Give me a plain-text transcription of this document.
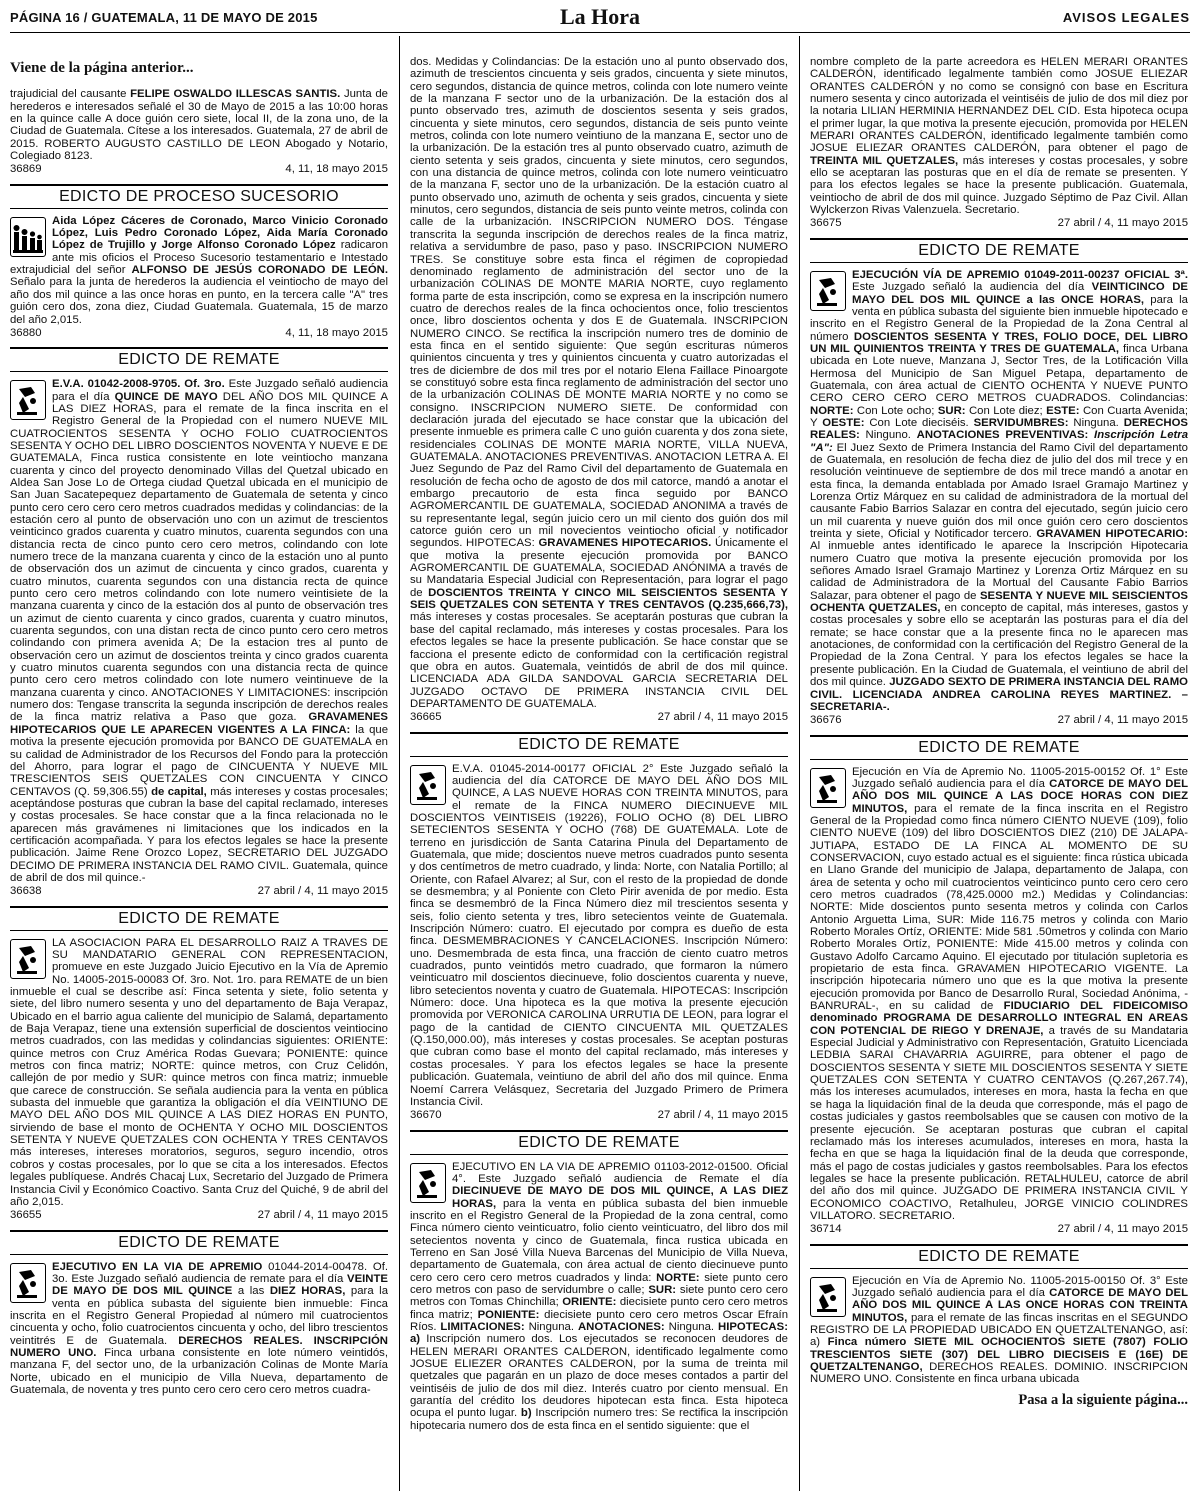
PÁGINA 16 / GUATEMALA, 11 DE MAYO DE 2015	La Hora	AVISOS LEGALES
Viene de la página anterior...

trajudicial del causante FELIPE OSWALDO ILLESCAS SANTIS. Junta de herederos e interesados señalé el 30 de Mayo de 2015 a las 10:00 horas en la quince calle A doce guión cero siete, local II, de la zona uno, de la Ciudad de Guatemala. Cítese a los interesados. Guatemala, 27 de abril de 2015. ROBERTO AUGUSTO CASTILLO DE LEON Abogado y Notario, Colegiado 8123.

36869	4, 11, 18 mayo 2015
EDICTO DE PROCESO SUCESORIO

Aida López Cáceres de Coronado, Marco Vinicio Coronado López, Luis Pedro Coronado López, Aida María Coronado López de Trujillo y Jorge Alfonso Coronado López radicaron ante mis oficios el Proceso Sucesorio testamentario e Intestado extrajudicial del señor ALFONSO DE JESÚS CORONADO DE LEÓN. Señalo para la junta de herederos la audiencia el veintiocho de mayo del año dos mil quince a las once horas en punto, en la tercera calle "A" tres guión cero dos, zona diez, Ciudad Guatemala. Guatemala, 15 de marzo del año 2,015.

36880	4, 11, 18 mayo 2015
EDICTO DE REMATE

E.V.A. 01042-2008-9705. Of. 3ro. Este Juzgado señaló audiencia para el día QUINCE DE MAYO DEL AÑO DOS MIL QUINCE A LAS DIEZ HORAS, para el remate de la finca inscrita en el Registro General de la Propiedad con el numero NUEVE MIL CUATROCIENTOS SESENTA Y OCHO FOLIO CUATROCIENTOS SESENTA Y OCHO DEL LIBRO DOSCIENTOS NOVENTA Y NUEVE E DE GUATEMALA, Finca rustica consistente en lote veintiocho manzana cuarenta y cinco del proyecto denominado Villas del Quetzal ubicado en Aldea San Jose Lo de Ortega ciudad Quetzal ubicada en el municipio de San Juan Sacatepequez departamento de Guatemala de setenta y cinco punto cero cero cero cero metros cuadrados medidas y colindancias: de la estación cero al punto de observación uno con un azimut de trescientos veinticinco grados cuarenta y cuatro minutos, cuarenta segundos con una distancia recta de cinco punto cero cero metros, colindando con lote numero trece de la manzana cuarenta y cinco de la estación uno al punto de observación dos un azimut de cincuenta y cinco grados, cuarenta y cuatro minutos, cuarenta segundos con una distancia recta de quince punto cero cero metros colindando con lote numero veintisiete de la manzana cuarenta y cinco de la estación dos al punto de observación tres un azimut de ciento cuarenta y cinco grados, cuarenta y cuatro minutos, cuarenta segundos, con una distan recta de cinco punto cero cero metros colindando con primera avenida A; De la estacion tres al punto de observación cero un azimut de doscientos treinta y cinco grados cuarenta y cuatro minutos cuarenta segundos con una distancia recta de quince punto cero cero metros colindado con lote numero veintinueve de la manzana cuarenta y cinco. ANOTACIONES Y LIMITACIONES: inscripción numero dos: Tengase transcrita la segunda inscripción de derechos reales de la finca matriz relativa a Paso que goza. GRAVAMENES HIPOTECARIOS QUE LE APARECEN VIGENTES A LA FINCA: la que motiva la presente ejecución promovida por BANCO DE GUATEMALA en su calidad de Administrador de los Recursos del Fondo para la protección del Ahorro, para lograr el pago de CINCUENTA Y NUEVE MIL TRESCIENTOS SEIS QUETZALES CON CINCUENTA Y CINCO CENTAVOS (Q. 59,306.55) de capital, más intereses y costas procesales; aceptándose posturas que cubran la base del capital reclamado, intereses y costas procesales. Se hace constar que a la finca relacionada no le aparecen más gravámenes ni limitaciones que los indicados en la certificación acompañada. Y para los efectos legales se hace la presente publicación. Jaime Rene Orozco Lopez, SECRETARIO DEL JUZGADO DECIMO DE PRIMERA INSTANCIA DEL RAMO CIVIL. Guatemala, quince de abril de dos mil quince.-

36638	27 abril / 4, 11 mayo 2015
EDICTO DE REMATE

LA ASOCIACION PARA EL DESARROLLO RAIZ A TRAVES DE SU MANDATARIO GENERAL CON REPRESENTACION, promueve en este Juzgado Juicio Ejecutivo en la Vía de Apremio No. 14005-2015-00083 Of. 3ro. Not. 1ro. para REMATE de un bien inmueble el cual se describe así: Finca setenta y siete, folio setenta y siete, del libro numero sesenta y uno del departamento de Baja Verapaz, Ubicado en el barrio agua caliente del municipio de Salamá, departamento de Baja Verapaz, tiene una extensión superficial de doscientos veintiocino metros cuadrados, con las medidas y colindancias siguientes: ORIENTE: quince metros con Cruz América Rodas Guevara; PONIENTE: quince metros con finca matriz; NORTE: quince metros, con Cruz Celidón, callejón de por medio y SUR: quince metros con finca matriz; inmueble que carece de construcción. Se señala audiencia para la venta en pública subasta del inmueble que garantiza la obligación el día VEINTIUNO DE MAYO DEL AÑO DOS MIL QUINCE A LAS DIEZ HORAS EN PUNTO, sirviendo de base el monto de OCHENTA Y OCHO MIL DOSCIENTOS SETENTA Y NUEVE QUETZALES CON OCHENTA Y TRES CENTAVOS más intereses, intereses moratorios, seguros, seguro incendio, otros cobros y costas procesales, por lo que se cita a los interesados. Efectos legales publíquese. Andrés Chacaj Lux, Secretario del Juzgado de Primera Instancia Civil y Económico Coactivo. Santa Cruz del Quiché, 9 de abril del año 2,015.

36655	27 abril / 4, 11 mayo 2015
EDICTO DE REMATE

EJECUTIVO EN LA VIA DE APREMIO 01044-2014-00478. Of. 3o. Este Juzgado señaló audiencia de remate para el día VEINTE DE MAYO DE DOS MIL QUINCE a las DIEZ HORAS, para la venta en pública subasta del siguiente bien inmueble: Finca inscrita en el Registro General Propiedad al número mil cuatrocientos cincuenta y ocho, folio cuatrocientos cincuenta y ocho, del libro trescientos veintitrés E de Guatemala. DERECHOS REALES. INSCRIPCIÓN NUMERO UNO. Finca urbana consistente en lote número veintidós, manzana F, del sector uno, de la urbanización Colinas de Monte María Norte, ubicado en el municipio de Villa Nueva, departamento de Guatemala, de noventa y tres punto cero cero cero cero metros cuadra-

dos. Medidas y Colindancias: De la estación uno al punto observado dos, azimuth de trescientos cincuenta y seis grados, cincuenta y siete minutos, cero segundos, distancia de quince metros, colinda con lote numero veinte de la manzana F sector uno de la urbanización. De la estación dos al punto observado tres, azimuth de doscientos sesenta y seis grados, cincuenta y siete minutos, cero segundos, distancia de seis punto veinte metros, colinda con lote numero veintiuno de la manzana E, sector uno de la urbanización. De la estación tres al punto observado cuatro, azimuth de ciento setenta y seis grados, cincuenta y siete minutos, cero segundos, con una distancia de quince metros, colinda con lote numero veinticuatro de la manzana F, sector uno de la urbanización. De la estación cuatro al punto observado uno, azimuth de ochenta y seis grados, cincuenta y siete minutos, cero segundos, distancia de seis punto veinte metros, colinda con calle de la urbanización. INSCRIPCION NUMERO DOS. Téngase transcrita la segunda inscripción de derechos reales de la finca matriz, relativa a servidumbre de paso, paso y paso. INSCRIPCION NUMERO TRES. Se constituye sobre esta finca el régimen de copropiedad denominado reglamento de administración del sector uno de la urbanización COLINAS DE MONTE MARIA NORTE, cuyo reglamento forma parte de esta inscripción, como se expresa en la inscripción numero cuatro de derechos reales de la finca ochocientos once, folio trescientos once, libro doscientos ochenta y dos E de Guatemala. INSCRIPCION NUMERO CINCO. Se rectifica la inscripción numero tres de dominio de esta finca en el sentido siguiente: Que según escrituras números quinientos cincuenta y tres y quinientos cincuenta y cuatro autorizadas el tres de diciembre de dos mil tres por el notario Elena Faillace Pinoargote se constituyó sobre esta finca reglamento de administración del sector uno de la urbanización COLINAS DE MONTE MARIA NORTE y no como se consigno. INSCRIPCION NUMERO SIETE. De conformidad con declaración jurada del ejecutado se hace constar que la ubicación del presente inmueble es primera calle C uno guión cuarenta y dos zona siete, residenciales COLINAS DE MONTE MARIA NORTE, VILLA NUEVA, GUATEMALA. ANOTACIONES PREVENTIVAS. ANOTACION LETRA A. El Juez Segundo de Paz del Ramo Civil del departamento de Guatemala en resolución de fecha ocho de agosto de dos mil catorce, mandó a anotar el embargo precautorio de esta finca seguido por BANCO AGROMERCANTIL DE GUATEMALA, SOCIEDAD ANONIMA a través de su representante legal, según juicio cero un mil ciento dos guión dos mil catorce guión cero un mil novecientos veintiocho oficial y notificador segundos. HIPOTECAS: GRAVAMENES HIPOTECARIOS. Únicamente el que motiva la presente ejecución promovida por BANCO AGROMERCANTIL DE GUATEMALA, SOCIEDAD ANÓNIMA a través de su Mandataria Especial Judicial con Representación, para lograr el pago de DOSCIENTOS TREINTA Y CINCO MIL SEISCIENTOS SESENTA Y SEIS QUETZALES CON SETENTA Y TRES CENTAVOS (Q.235,666,73), más intereses y costas procesales. Se aceptarán posturas que cubran la base del capital reclamado, más intereses y costas procesales. Para los efectos legales se hace la presente publicación. Se hace constar que se facciona el presente edicto de conformidad con la certificación registral que obra en autos. Guatemala, veintidós de abril de dos mil quince. LICENCIADA ADA GILDA SANDOVAL GARCIA SECRETARIA DEL JUZGADO OCTAVO DE PRIMERA INSTANCIA CIVIL DEL DEPARTAMENTO DE GUATEMALA.

36665	27 abril / 4, 11 mayo 2015
EDICTO DE REMATE

E.V.A. 01045-2014-00177 OFICIAL 2° Este Juzgado señaló la audiencia del día CATORCE DE MAYO DEL AÑO DOS MIL QUINCE, A LAS NUEVE HORAS CON TREINTA MINUTOS, para el remate de la FINCA NUMERO DIECINUEVE MIL DOSCIENTOS VEINTISEIS (19226), FOLIO OCHO (8) DEL LIBRO SETECIENTOS SESENTA Y OCHO (768) DE GUATEMALA. Lote de terreno en jurisdicción de Santa Catarina Pinula del Departamento de Guatemala, que mide; doscientos nueve metros cuadrados punto sesenta y dos centímetros de metro cuadrado, y linda: Norte, con Natalia Portillo; al Oriente, con Rafael Alvarez; al Sur, con el resto de la propiedad de donde se desmembra; y al Poniente con Cleto Pirir avenida de por medio. Esta finca se desmembró de la Finca Número diez mil trescientos sesenta y seis, folio ciento setenta y tres, libro setecientos veinte de Guatemala. Inscripción Número: cuatro. El ejecutado por compra es dueño de esta finca. DESMEMBRACIONES Y CANCELACIONES. Inscripción Número: uno. Desmembrada de esta finca, una fracción de ciento cuatro metros cuadrados, punto veintidós metro cuadrado, que formaron la número veinticuatro mil doscientos diecinueve, folio doscientos cuarenta y nueve, libro setecientos noventa y cuatro de Guatemala. HIPOTECAS: Inscripción Número: doce. Una hipoteca es la que motiva la presente ejecución promovida por VERONICA CAROLINA URRUTIA DE LEON, para lograr el pago de la cantidad de CIENTO CINCUENTA MIL QUETZALES (Q.150,000.00), más intereses y costas procesales. Se aceptan posturas que cubran como base el monto del capital reclamado, más intereses y costas procesales. Y para los efectos legales se hace la presente publicación. Guatemala, veintiuno de abril del año dos mil quince. Enma Noemí Carrera Velásquez, Secretaria del Juzgado Primero de Primera Instancia Civil.

36670	27 abril / 4, 11 mayo 2015
EDICTO DE REMATE

EJECUTIVO EN LA VIA DE APREMIO 01103-2012-01500. Oficial 4°. Este Juzgado señaló audiencia de Remate el día DIECINUEVE DE MAYO DE DOS MIL QUINCE, A LAS DIEZ HORAS, para la venta en pública subasta del bien inmueble inscrito en el Registro General de la Propiedad de la zona central, como Finca número ciento veinticuatro, folio ciento veinticuatro, del libro dos mil setecientos noventa y cinco de Guatemala, finca rustica ubicada en Terreno en San José Villa Nueva Barcenas del Municipio de Villa Nueva, departamento de Guatemala, con área actual de ciento diecinueve punto cero cero cero cero metros cuadrados y linda: NORTE: siete punto cero cero metros con paso de servidumbre o calle; SUR: siete punto cero cero metros con Tomas Chinchilla; ORIENTE: diecisiete punto cero cero metros finca matriz; PONIENTE: diecisiete punto cero cero metros Oscar Efraín Ríos. LIMITACIONES: Ninguna. ANOTACIONES: Ninguna. HIPOTECAS: a) Inscripción numero dos. Los ejecutados se reconocen deudores de HELEN MERARI ORANTES CALDERON, identificado legalmente como JOSUE ELIEZER ORANTES CALDERON, por la suma de treinta mil quetzales que pagarán en un plazo de doce meses contados a partir del veintiséis de julio de dos mil diez. Interés cuatro por ciento mensual. En garantía del crédito los deudores hipotecan esta finca. Esta hipoteca ocupa el punto lugar. b) Inscripción numero tres: Se rectifica la inscripción hipotecaria numero dos de esta finca en el sentido siguiente: que el

nombre completo de la parte acreedora es HELEN MERARI ORANTES CALDERÓN, identificado legalmente también como JOSUE ELIEZAR ORANTES CALDERÓN y no como se consignó con base en Escritura numero sesenta y cinco autorizada el veintiséis de julio de dos mil diez por la notaria LILIAN HERMINIA HERNANDEZ DEL CID. Esta hipoteca ocupa el primer lugar, la que motiva la presente ejecución, promovida por HELEN MERARI ORANTES CALDERÓN, identificado legalmente también como JOSUE ELIEZAR ORANTES CALDERÓN, para obtener el pago de TREINTA MIL QUETZALES, más intereses y costas procesales, y sobre ello se aceptaran las posturas que en el día de remate se presenten. Y para los efectos legales se hace la presente publicación. Guatemala, veintiocho de abril de dos mil quince. Juzgado Séptimo de Paz Civil. Allan Wylckerzon Rivas Valenzuela. Secretario.

36675	27 abril / 4, 11 mayo 2015
EDICTO DE REMATE

EJECUCIÓN VÍA DE APREMIO 01049-2011-00237 OFICIAL 3ª. Este Juzgado señaló la audiencia del día VEINTICINCO DE MAYO DEL DOS MIL QUINCE a las ONCE HORAS, para la venta en pública subasta del siguiente bien inmueble hipotecado e inscrito en el Registro General de la Propiedad de la Zona Central al número DOSCIENTOS SESENTA Y TRES, FOLIO DOCE, DEL LIBRO UN MIL QUINIENTOS TREINTA Y TRES DE GUATEMALA, finca Urbana ubicada en Lote nueve, Manzana J, Sector Tres, de la Lotificación Villa Hermosa del Municipio de San Miguel Petapa, departamento de Guatemala, con área actual de CIENTO OCHENTA Y NUEVE PUNTO CERO CERO CERO CERO METROS CUADRADOS. Colindancias: NORTE: Con Lote ocho; SUR: Con Lote diez; ESTE: Con Cuarta Avenida; Y OESTE: Con Lote dieciséis. SERVIDUMBRES: Ninguna. DERECHOS REALES: Ninguno. ANOTACIONES PREVENTIVAS: Inscripción Letra "A": El Juez Sexto de Primera Instancia del Ramo Civil del departamento de Guatemala, en resolución de fecha diez de julio del dos mil trece y en resolución veintinueve de septiembre de dos mil trece mandó a anotar en esta finca, la demanda entablada por Amado Israel Gramajo Martinez y Lorenza Ortiz Márquez en su calidad de administradora de la mortual del causante Fabio Barrios Salazar en contra del ejecutado, según juicio cero un mil cuarenta y nueve guión dos mil once guión cero cero doscientos treinta y siete, Oficial y Notificador tercero. GRAVAMEN HIPOTECARIO: Al inmueble antes identificado le aparece la Inscripción Hipotecaria numero Cuatro que motiva la presente ejecución promovida por los señores Amado Israel Gramajo Martinez y Lorenza Ortiz Márquez en su calidad de Administradora de la Mortual del Causante Fabio Barrios Salazar, para obtener el pago de SESENTA Y NUEVE MIL SEISCIENTOS OCHENTA QUETZALES, en concepto de capital, más intereses, gastos y costas procesales y sobre ello se aceptarán las posturas para el día del remate; se hace constar que a la presente finca no le aparecen mas anotaciones, de conformidad con la certificación del Registro General de la Propiedad de la Zona Central. Y para los efectos legales se hace la presente publicación. En la Ciudad de Guatemala, el veintiuno de abril del dos mil quince. JUZGADO SEXTO DE PRIMERA INSTANCIA DEL RAMO CIVIL. LICENCIADA ANDREA CAROLINA REYES MARTINEZ. –SECRETARIA-.

36676	27 abril / 4, 11 mayo 2015
EDICTO DE REMATE

Ejecución en Vía de Apremio No. 11005-2015-00152 Of. 1° Este Juzgado señaló audiencia para el día CATORCE DE MAYO DEL AÑO DOS MIL QUINCE A LAS DOCE HORAS CON DIEZ MINUTOS, para el remate de la finca inscrita en el Registro General de la Propiedad como finca número CIENTO NUEVE (109), folio CIENTO NUEVE (109) del libro DOSCIENTOS DIEZ (210) DE JALAPA-JUTIAPA, ESTADO DE LA FINCA AL MOMENTO DE SU CONSERVACION, cuyo estado actual es el siguiente: finca rústica ubicada en Llano Grande del municipio de Jalapa, departamento de Jalapa, con área de setenta y ocho mil cuatrocientos veinticinco punto cero cero cero cero metros cuadrados (78,425.0000 m2.) Medidas y Colindancias: NORTE: Mide doscientos punto sesenta metros y colinda con Carlos Antonio Arguetta Lima, SUR: Mide 116.75 metros y colinda con Mario Roberto Morales Ortíz, ORIENTE: Mide 581 .50metros y colinda con Mario Roberto Morales Ortíz, PONIENTE: Mide 415.00 metros y colinda con Gustavo Adolfo Carcamo Aquino. El ejecutado por titulación supletoria es propietario de esta finca. GRAVAMEN HIPOTECARIO VIGENTE. La inscripción hipotecaria número uno que es la que motiva la presente ejecución promovida por Banco de Desarrollo Rural, Sociedad Anónima, -BANRURAL-, en su calidad de FIDUCIARIO DEL FIDEICOMISO denominado PROGRAMA DE DESARROLLO INTEGRAL EN AREAS CON POTENCIAL DE RIEGO Y DRENAJE, a través de su Mandataria Especial Judicial y Administrativo con Representación, Gratuito Licenciada LEDBIA SARAI CHAVARRIA AGUIRRE, para obtener el pago de DOSCIENTOS SESENTA Y SIETE MIL DOSCIENTOS SESENTA Y SIETE QUETZALES CON SETENTA Y CUATRO CENTAVOS (Q.267,267.74), más los intereses acumulados, intereses en mora, hasta la fecha en que se haga la liquidación final de la deuda que corresponde, más el pago de costas judiciales y gastos reembolsables que se causen con motivo de la presente ejecución. Se aceptaran posturas que cubran el capital reclamado más los intereses acumulados, intereses en mora, hasta la fecha en que se haga la liquidación final de la deuda que corresponde, más el pago de costas judiciales y gastos reembolsables. Para los efectos legales se hace la presente publicación. RETALHULEU, catorce de abril del año dos mil quince. JUZGADO DE PRIMERA INSTANCIA CIVIL Y ECONOMICO COACTIVO, Retalhuleu, JORGE VINICIO COLINDRES VILLATORO. SECRETARIO.

36714	27 abril / 4, 11 mayo 2015
EDICTO DE REMATE

Ejecución en Vía de Apremio No. 11005-2015-00150 Of. 3° Este Juzgado señaló audiencia para el día CATORCE DE MAYO DEL AÑO DOS MIL QUINCE A LAS ONCE HORAS CON TREINTA MINUTOS, para el remate de las fincas inscritas en el SEGUNDO REGISTRO DE LA PROPIEDAD UBICADO EN QUETZALTENANGO, así: a) Finca número SIETE MIL OCHOCIENTOS SIETE (7807) FOLIO TRESCIENTOS SIETE (307) DEL LIBRO DIECISEIS E (16E) DE QUETZALTENANGO, DERECHOS REALES. DOMINIO. INSCRIPCION NUMERO UNO. Consistente en finca urbana ubicada

Pasa a la siguiente página...
